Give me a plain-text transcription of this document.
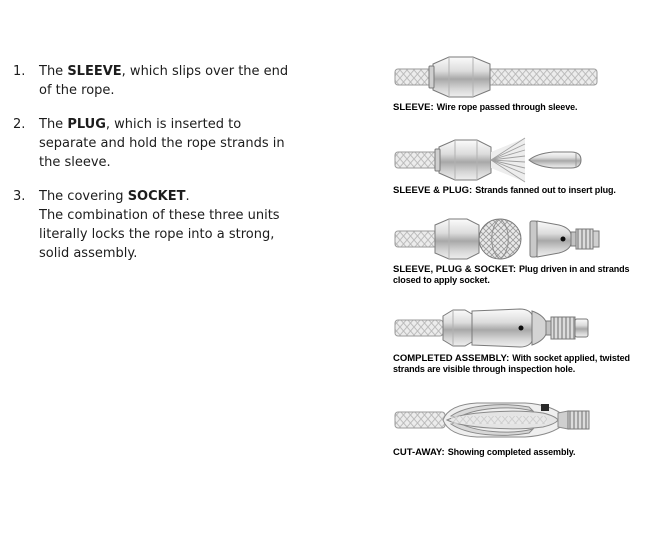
1.	The SLEEVE, which slips over the end
of the rope.
2.	The PLUG, which is inserted to
separate and hold the rope strands in
the sleeve.
3.	The covering SOCKET.
The combination of these three units
literally locks the rope into a strong,
solid assembly.
SLEEVE: Wire rope passed through sleeve.
SLEEVE & PLUG: Strands fanned out to insert plug.
SLEEVE, PLUG & SOCKET: Plug driven in and strands closed to apply socket.
COMPLETED ASSEMBLY: With socket applied, twisted strands are visible through inspection hole.
CUT-AWAY: Showing completed assembly.
